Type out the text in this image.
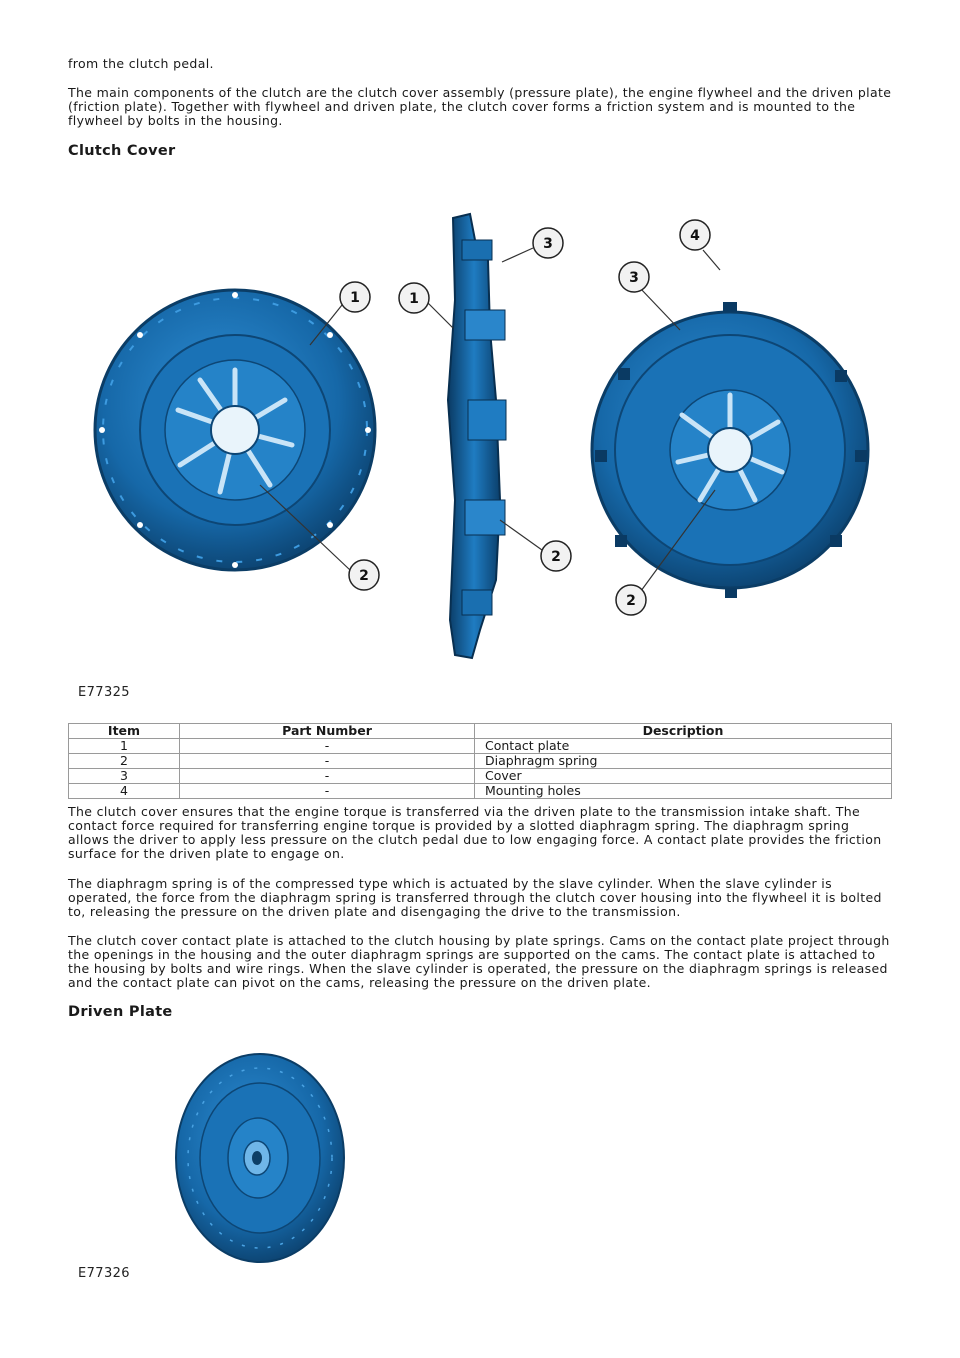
from the clutch pedal.

The main components of the clutch are the clutch cover assembly (pressure plate), the engine flywheel and the driven plate (friction plate). Together with flywheel and driven plate, the clutch cover forms a friction system and is mounted to the flywheel by bolts in the housing.

Clutch Cover
1
2
1
3
2
4
3
2
E77325
Item	Part Number	Description
1	-	Contact plate
2	-	Diaphragm spring
3	-	Cover
4	-	Mounting holes

The clutch cover ensures that the engine torque is transferred via the driven plate to the transmission intake shaft. The contact force required for transferring engine torque is provided by a slotted diaphragm spring. The diaphragm spring allows the driver to apply less pressure on the clutch pedal due to low engaging force. A contact plate provides the friction surface for the driven plate to engage on.

The diaphragm spring is of the compressed type which is actuated by the slave cylinder. When the slave cylinder is operated, the force from the diaphragm spring is transferred through the clutch cover housing into the flywheel it is bolted to, releasing the pressure on the driven plate and disengaging the drive to the transmission.

The clutch cover contact plate is attached to the clutch housing by plate springs. Cams on the contact plate project through the openings in the housing and the outer diaphragm springs are supported on the cams. The contact plate is attached to the housing by bolts and wire rings. When the slave cylinder is operated, the pressure on the diaphragm springs is released and the contact plate can pivot on the cams, releasing the pressure on the driven plate.

Driven Plate
E77326
